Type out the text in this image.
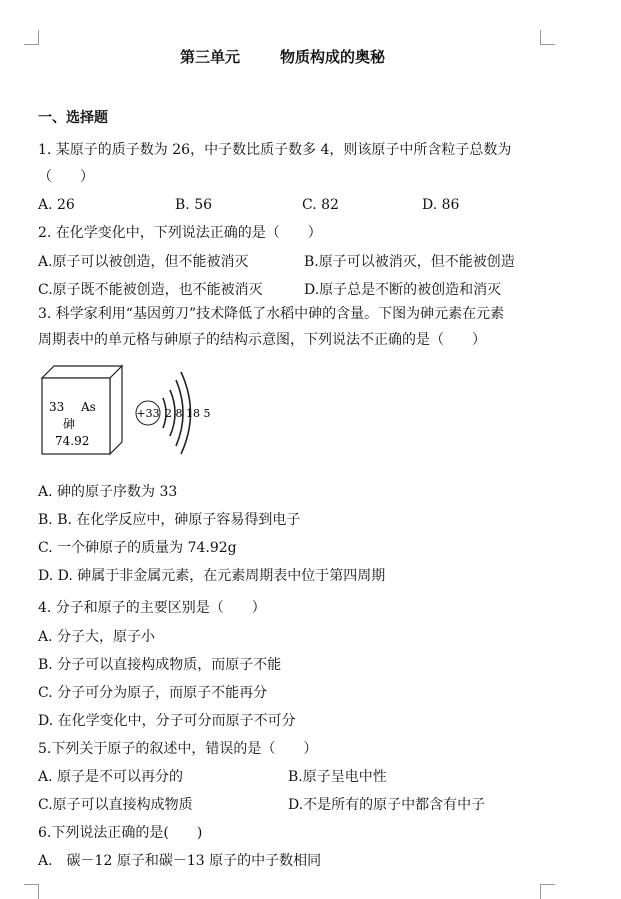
第三单元	物质构成的奥秘
一、选择题
1. 某原子的质子数为 26，中子数比质子数多 4，则该原子中所含粒子总数为
（　　）
A. 26	B. 56	C. 82	D. 86
2. 在化学变化中，下列说法正确的是（　　）
A.原子可以被创造，但不能被消灭	B.原子可以被消灭，但不能被创造
C.原子既不能被创造，也不能被消灭	D.原子总是不断的被创造和消灭
3. 科学家利用“基因剪刀”技术降低了水稻中砷的含量。下图为砷元素在元素
周期表中的单元格与砷原子的结构示意图，下列说法不正确的是（　　）
33 As
砷
74.92
+33 2 8 18 5
A. 砷的原子序数为 33
B. B. 在化学反应中，砷原子容易得到电子
C. 一个砷原子的质量为 74.92g
D. D. 砷属于非金属元素，在元素周期表中位于第四周期
4. 分子和原子的主要区别是（　　）
A. 分子大，原子小
B. 分子可以直接构成物质，而原子不能
C. 分子可分为原子，而原子不能再分
D. 在化学变化中，分子可分而原子不可分
5.下列关于原子的叙述中，错误的是（　　）
A. 原子是不可以再分的	B.原子呈电中性
C.原子可以直接构成物质	D.不是所有的原子中都含有中子
6.下列说法正确的是(　　)
A.　碳－12 原子和碳－13 原子的中子数相同
